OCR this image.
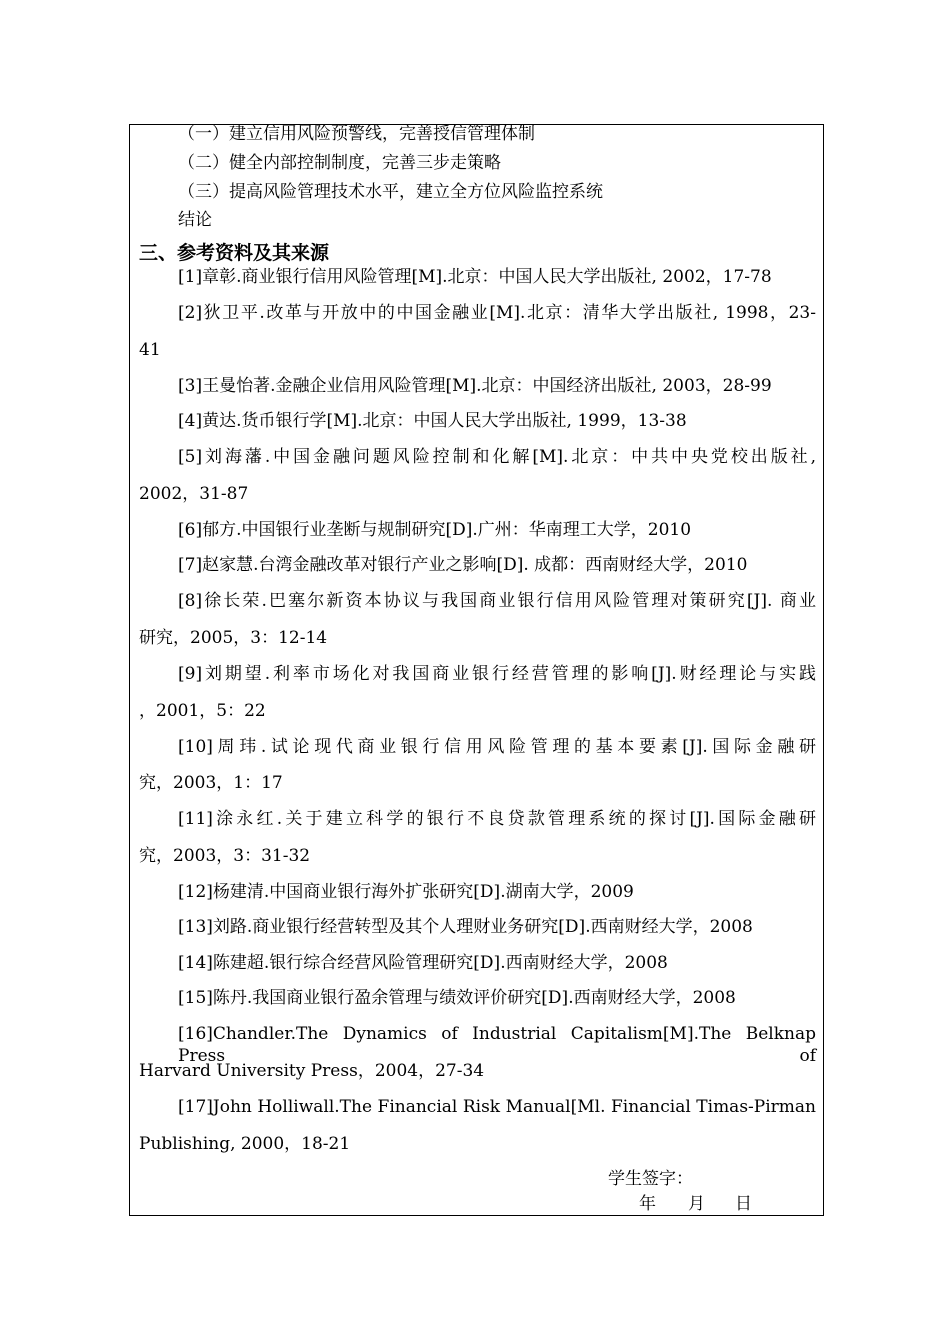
（一）建立信用风险预警线，完善授信管理体制
（二）健全内部控制制度，完善三步走策略
（三）提高风险管理技术水平，建立全方位风险监控系统
结论
三、参考资料及其来源
[1]章彰.商业银行信用风险管理[M].北京：中国人民大学出版社, 2002，17-78
[2]狄卫平.改革与开放中的中国金融业[M].北京：清华大学出版社, 1998，23-
41
[3]王曼怡著.金融企业信用风险管理[M].北京：中国经济出版社, 2003，28-99
[4]黄达.货币银行学[M].北京：中国人民大学出版社, 1999，13-38
[5]刘海藩.中国金融问题风险控制和化解[M].北京：中共中央党校出版社,
2002，31-87
[6]郁方.中国银行业垄断与规制研究[D].广州：华南理工大学，2010
[7]赵家慧.台湾金融改革对银行产业之影响[D]. 成都：西南财经大学，2010
[8]徐长荣.巴塞尔新资本协议与我国商业银行信用风险管理对策研究[J]. 商业
研究，2005，3：12-14
[9]刘期望.利率市场化对我国商业银行经营管理的影响[J].财经理论与实践
，2001，5：22
[10]周玮.试论现代商业银行信用风险管理的基本要素[J].国际金融研
究，2003，1：17
[11]涂永红.关于建立科学的银行不良贷款管理系统的探讨[J].国际金融研
究，2003，3：31-32
[12]杨建清.中国商业银行海外扩张研究[D].湖南大学，2009
[13]刘路.商业银行经营转型及其个人理财业务研究[D].西南财经大学，2008
[14]陈建超.银行综合经营风险管理研究[D].西南财经大学，2008
[15]陈丹.我国商业银行盈余管理与绩效评价研究[D].西南财经大学，2008
[16]Chandler.The Dynamics of Industrial Capitalism[M].The Belknap Press of
Harvard University Press，2004，27-34
[17]John Holliwall.The Financial Risk Manual[Ml. Financial Timas-Pirman
Publishing, 2000，18-21
学生签字：
年 月 日
